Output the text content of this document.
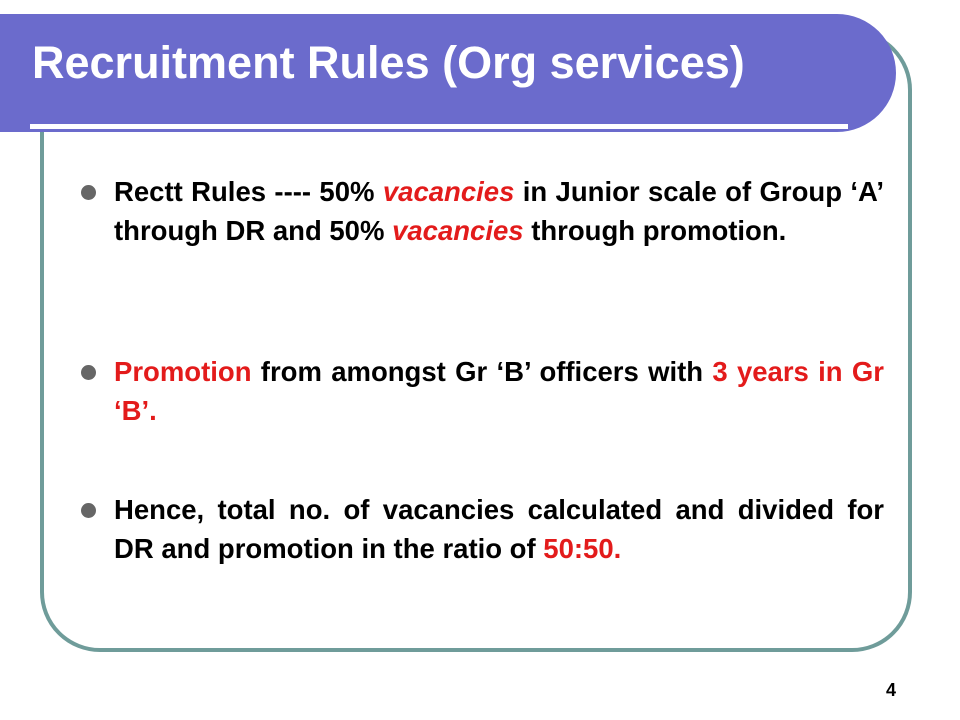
Recruitment Rules (Org services)
Rectt Rules ---- 50% vacancies in Junior scale of Group ‘A’ through DR and 50% vacancies through promotion.
Promotion from amongst Gr ‘B’ officers with 3 years in Gr ‘B’.
Hence, total no. of vacancies calculated and divided for DR and promotion in the ratio of 50:50.
4
